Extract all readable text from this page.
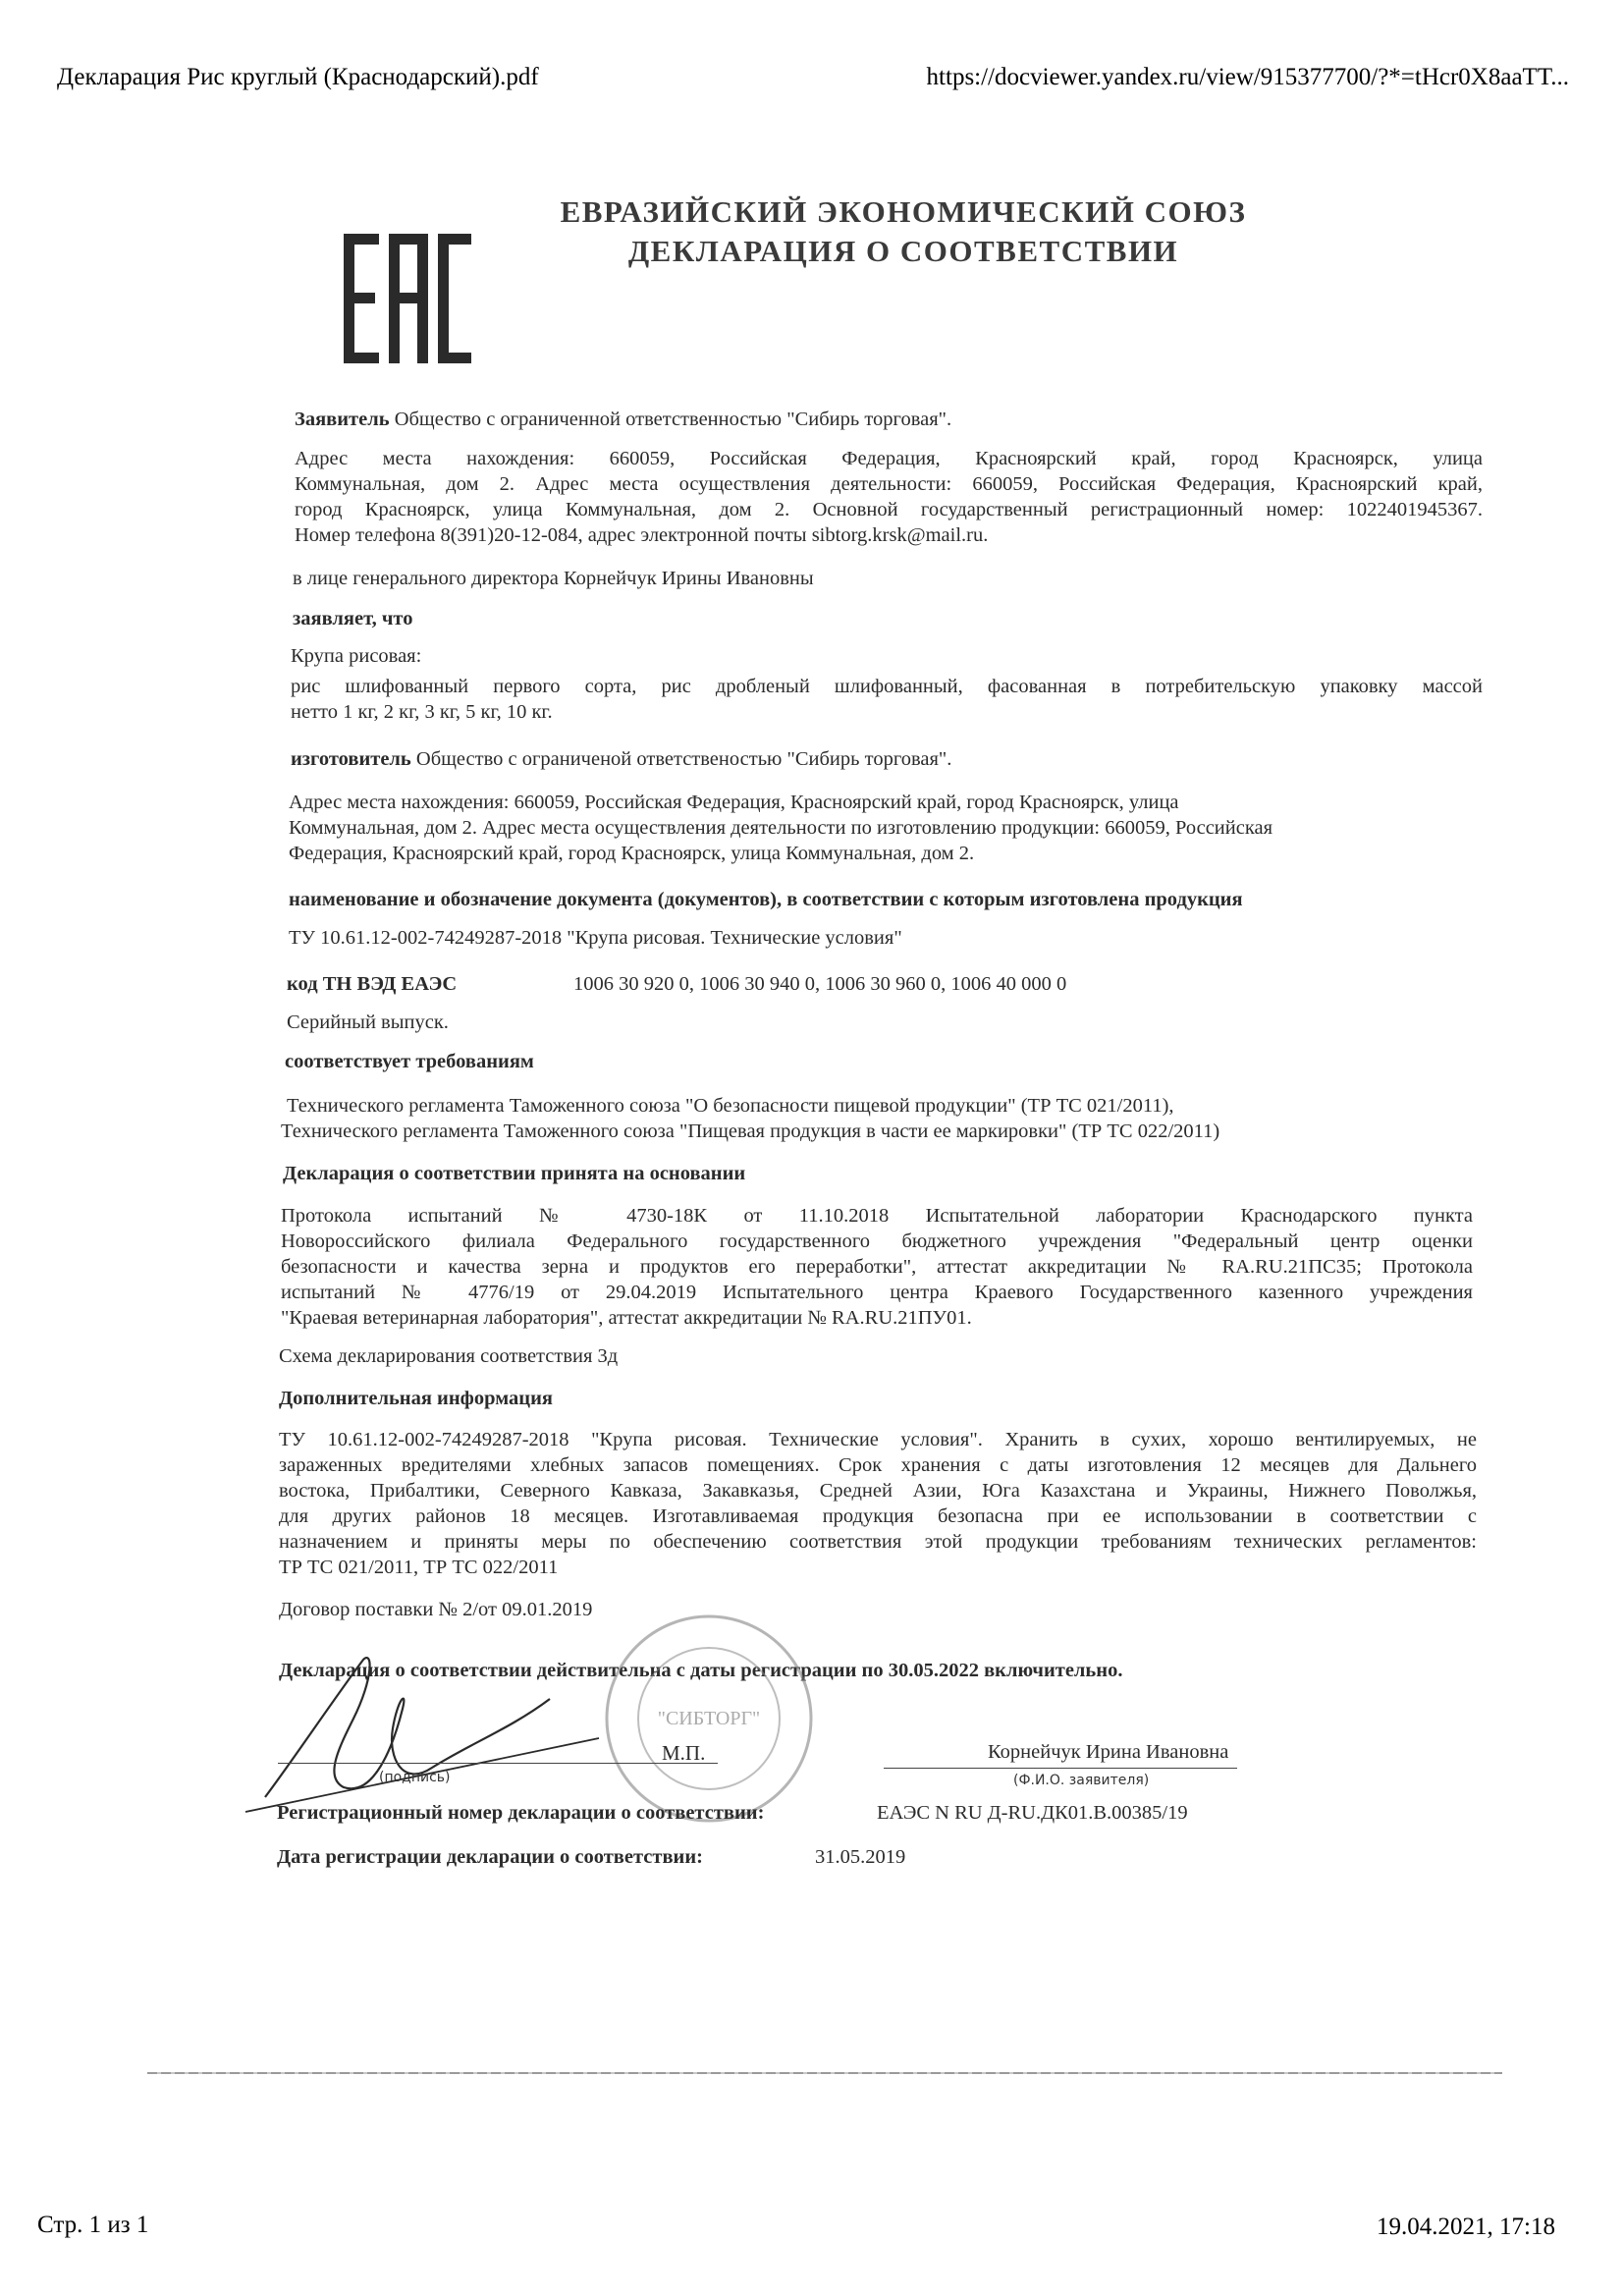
Декларация Рис круглый (Краснодарский).pdf	https://docviewer.yandex.ru/view/915377700/?*=tHcr0X8aaTT...
Стр. 1 из 1	19.04.2021, 17:18
ЕВРАЗИЙСКИЙ ЭКОНОМИЧЕСКИЙ СОЮЗ
ДЕКЛАРАЦИЯ О СООТВЕТСТВИИ
Заявитель Общество с ограниченной ответственностью "Сибирь торговая".
Адрес места нахождения: 660059, Российская Федерация, Красноярский край, город Красноярск, улица
Коммунальная, дом 2. Адрес места осуществления деятельности: 660059, Российская Федерация, Красноярский край,
город Красноярск, улица Коммунальная, дом 2. Основной государственный регистрационный номер: 1022401945367.
Номер телефона 8(391)20-12-084, адрес электронной почты sibtorg.krsk@mail.ru.
в лице генерального директора Корнейчук Ирины Ивановны
заявляет, что
Крупа рисовая:
рис шлифованный первого сорта, рис дробленый шлифованный, фасованная в потребительскую упаковку массой
нетто 1 кг, 2 кг, 3 кг, 5 кг, 10 кг.
изготовитель Общество с ограниченой ответственостью "Сибирь торговая".
Адрес места нахождения: 660059, Российская Федерация, Красноярский край, город Красноярск, улица
Коммунальная, дом 2. Адрес места осуществления деятельности по изготовлению продукции: 660059, Российская
Федерация, Красноярский край, город Красноярск, улица Коммунальная, дом 2.
наименование и обозначение документа (документов), в соответствии с которым изготовлена продукция
ТУ 10.61.12-002-74249287-2018 "Крупа рисовая. Технические условия"
код ТН ВЭД ЕАЭС	1006 30 920 0, 1006 30 940 0, 1006 30 960 0, 1006 40 000 0
Серийный выпуск.
соответствует требованиям
Технического регламента Таможенного союза "О безопасности пищевой продукции" (ТР ТС 021/2011),
Технического регламента Таможенного союза "Пищевая продукция в части ее маркировки" (ТР ТС 022/2011)
Декларация о соответствии принята на основании
Протокола испытаний № 4730-18К от 11.10.2018 Испытательной лаборатории Краснодарского пункта
Новороссийского филиала Федерального государственного бюджетного учреждения "Федеральный центр оценки
безопасности и качества зерна и продуктов его переработки", аттестат аккредитации № RA.RU.21ПС35; Протокола
испытаний № 4776/19 от 29.04.2019 Испытательного центра Краевого Государственного казенного учреждения
"Краевая ветеринарная лаборатория", аттестат аккредитации № RA.RU.21ПУ01.
Схема декларирования соответствия 3д
Дополнительная информация
ТУ 10.61.12-002-74249287-2018 "Крупа рисовая. Технические условия". Хранить в сухих, хорошо вентилируемых, не
зараженных вредителями хлебных запасов помещениях. Срок хранения с даты изготовления 12 месяцев для Дальнего
востока, Прибалтики, Северного Кавказа, Закавказья, Средней Азии, Юга Казахстана и Украины, Нижнего Поволжья,
для других районов 18 месяцев. Изготавливаемая продукция безопасна при ее использовании в соответствии с
назначением и приняты меры по обеспечению соответствия этой продукции требованиям технических регламентов:
ТР ТС 021/2011, ТР ТС 022/2011
Договор поставки № 2/от 09.01.2019
Декларация о соответствии действительна с даты регистрации по 30.05.2022 включительно.
"СИБТОРГ"
(подпись)
М.П.	Корнейчук Ирина Ивановна
(Ф.И.О. заявителя)
Регистрационный номер декларации о соответствии:	ЕАЭС N RU Д-RU.ДК01.В.00385/19
Дата регистрации декларации о соответствии:	31.05.2019
